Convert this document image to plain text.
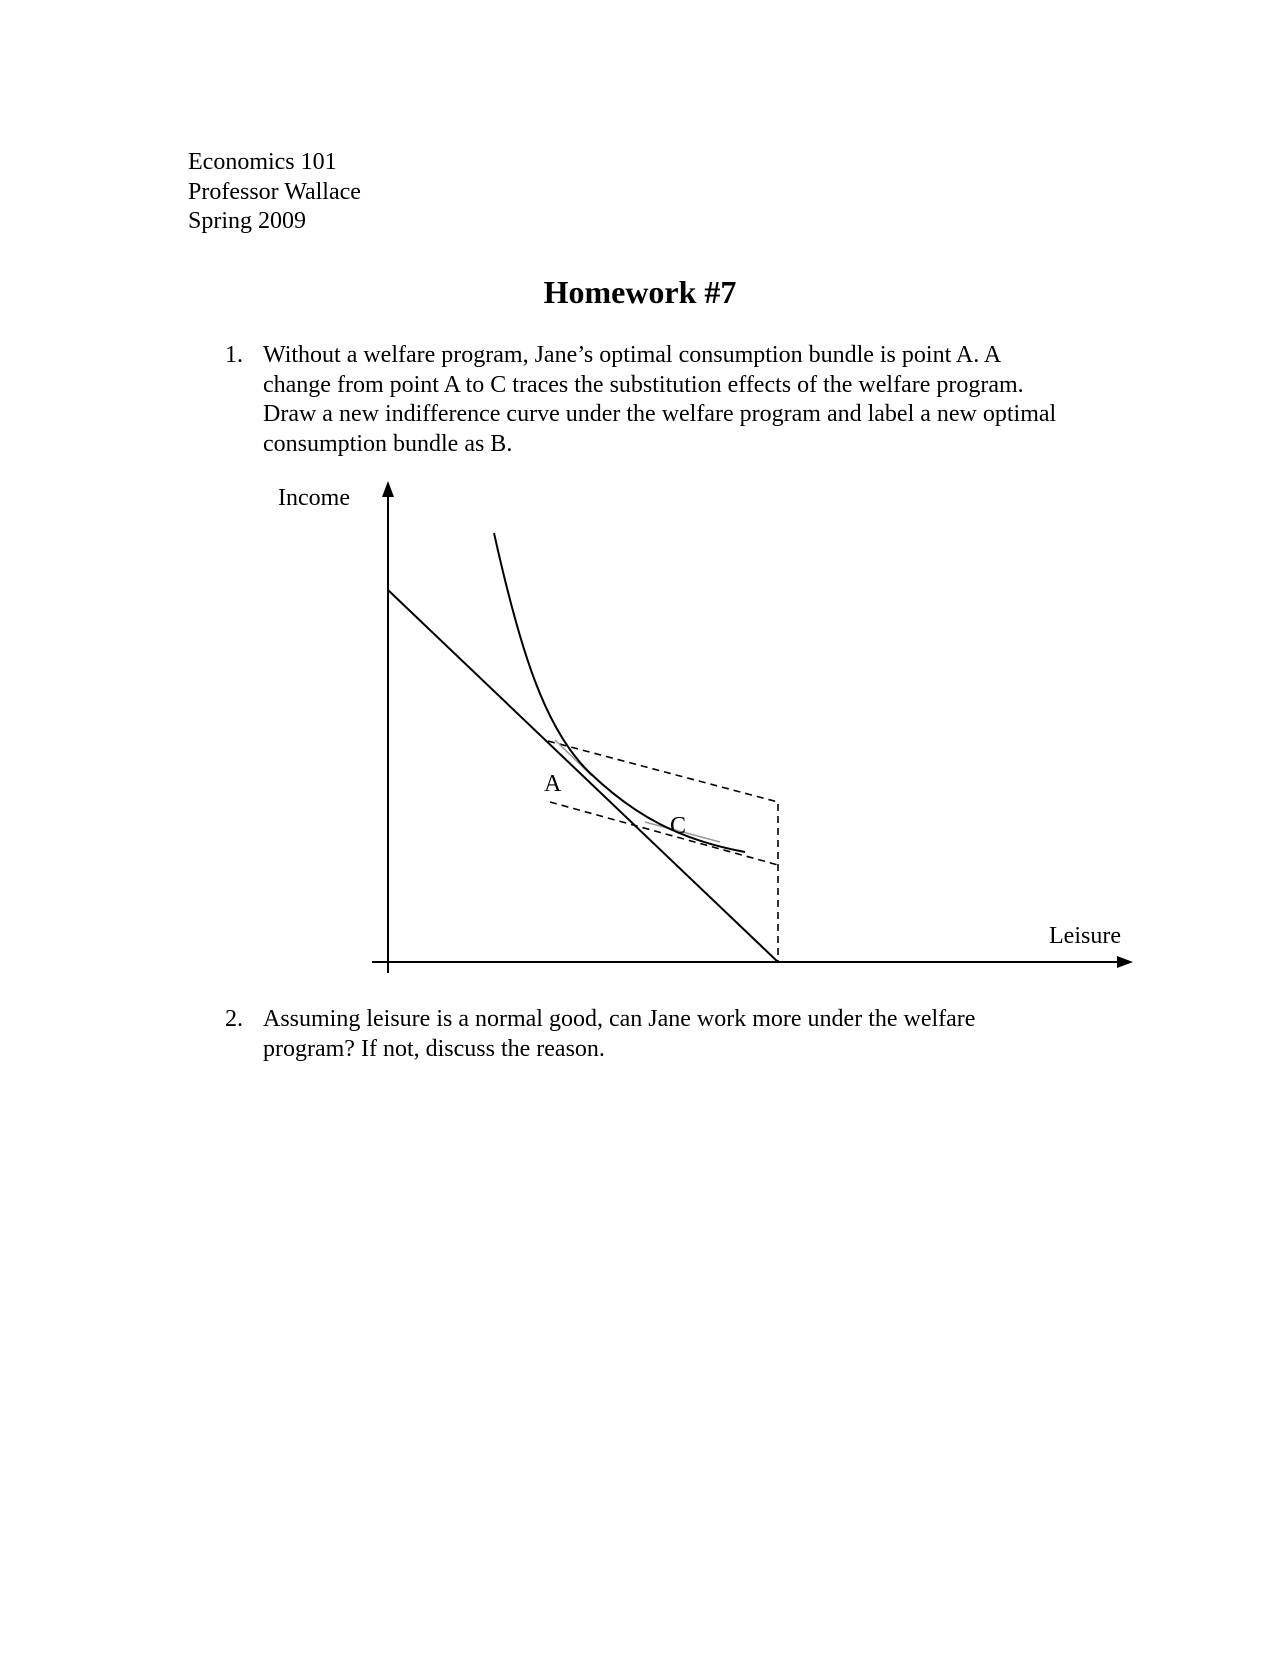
Economics 101
Professor Wallace
Spring 2009
Homework #7
1. Without a welfare program, Jane’s optimal consumption bundle is point A. A change from point A to C traces the substitution effects of the welfare program. Draw a new indifference curve under the welfare program and label a new optimal consumption bundle as B.
Income
Leisure
A
C
2. Assuming leisure is a normal good, can Jane work more under the welfare program? If not, discuss the reason.
